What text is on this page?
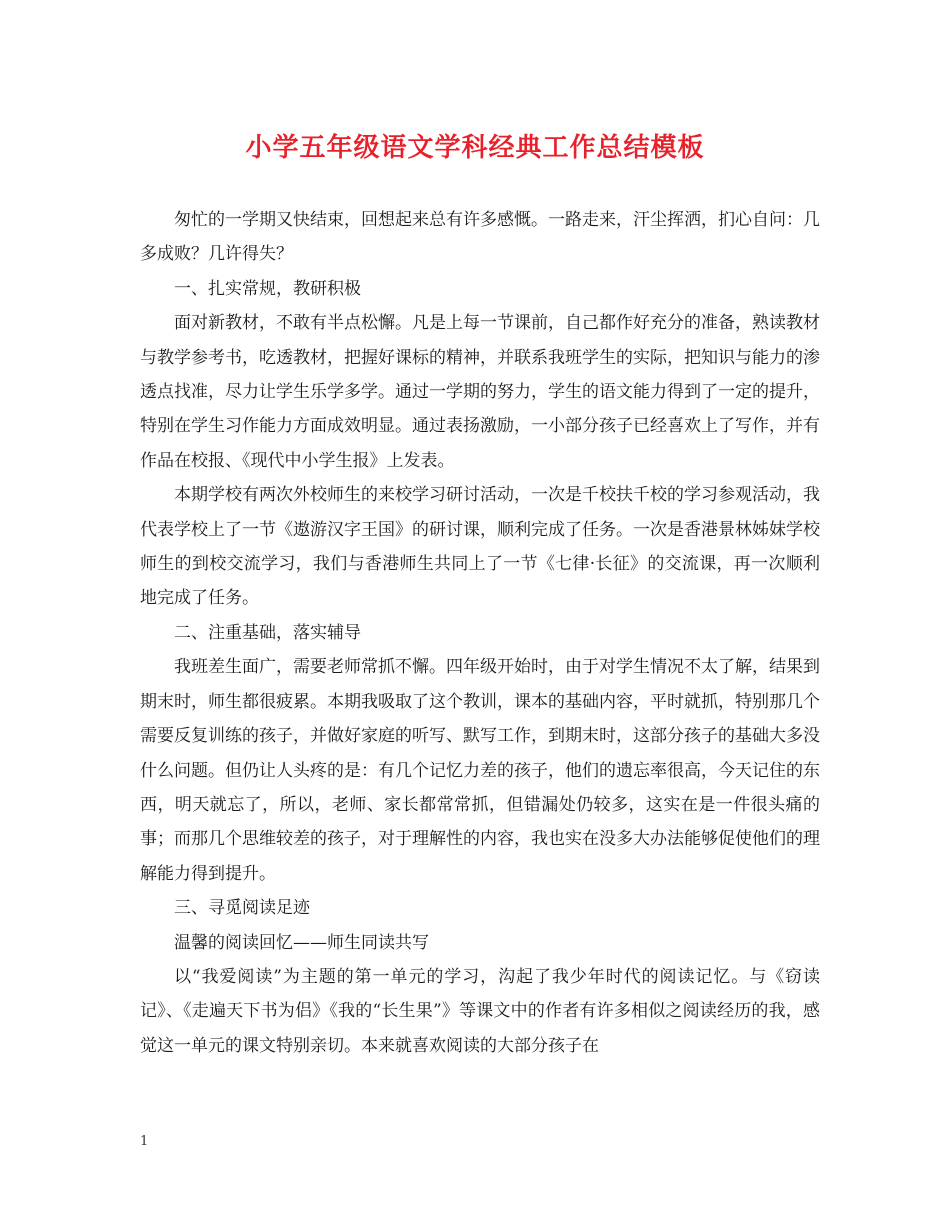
小学五年级语文学科经典工作总结模板

匆忙的一学期又快结束，回想起来总有许多感慨。一路走来，汗尘挥洒，扪心自问：几多成败？几许得失？

一、扎实常规，教研积极

面对新教材，不敢有半点松懈。凡是上每一节课前，自己都作好充分的准备，熟读教材与教学参考书，吃透教材，把握好课标的精神，并联系我班学生的实际，把知识与能力的渗透点找准，尽力让学生乐学多学。通过一学期的努力，学生的语文能力得到了一定的提升，特别在学生习作能力方面成效明显。通过表扬激励，一小部分孩子已经喜欢上了写作，并有作品在校报、《现代中小学生报》上发表。

本期学校有两次外校师生的来校学习研讨活动，一次是千校扶千校的学习参观活动，我代表学校上了一节《遨游汉字王国》的研讨课，顺利完成了任务。一次是香港景林姊妹学校师生的到校交流学习，我们与香港师生共同上了一节《七律·长征》的交流课，再一次顺利地完成了任务。

二、注重基础，落实辅导

我班差生面广，需要老师常抓不懈。四年级开始时，由于对学生情况不太了解，结果到期末时，师生都很疲累。本期我吸取了这个教训，课本的基础内容，平时就抓，特别那几个需要反复训练的孩子，并做好家庭的听写、默写工作，到期末时，这部分孩子的基础大多没什么问题。但仍让人头疼的是：有几个记忆力差的孩子，他们的遗忘率很高，今天记住的东西，明天就忘了，所以，老师、家长都常常抓，但错漏处仍较多，这实在是一件很头痛的事；而那几个思维较差的孩子，对于理解性的内容，我也实在没多大办法能够促使他们的理解能力得到提升。

三、寻觅阅读足迹

温馨的阅读回忆——师生同读共写

以“我爱阅读”为主题的第一单元的学习，沟起了我少年时代的阅读记忆。与《窃读记》、《走遍天下书为侣》《我的“长生果”》等课文中的作者有许多相似之阅读经历的我，感觉这一单元的课文特别亲切。本来就喜欢阅读的大部分孩子在

1
